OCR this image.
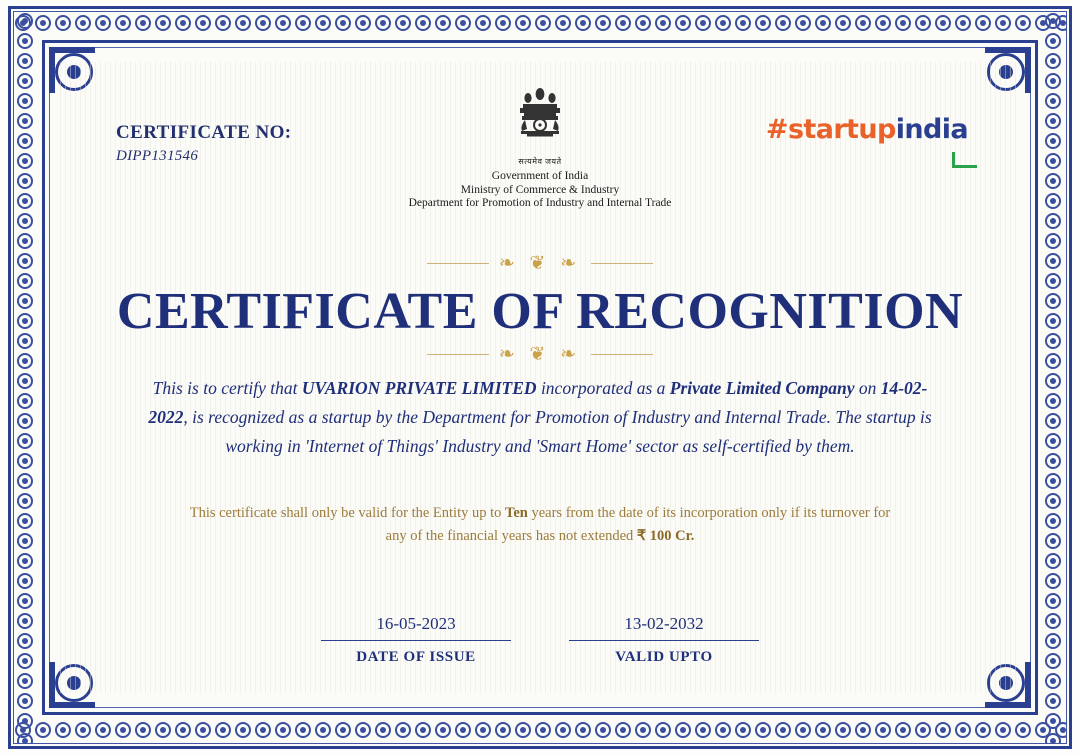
CERTIFICATE NO:
DIPP131546	सत्यमेव जयते
Government of India
Ministry of Commerce & Industry
Department for Promotion of Industry and Internal Trade
#startupindia
❧ ❦ ❧
CERTIFICATE OF RECOGNITION
❧ ❦ ❧
This is to certify that UVARION PRIVATE LIMITED incorporated as a Private Limited Company on 14-02-2022, is recognized as a startup by the Department for Promotion of Industry and Internal Trade. The startup is working in 'Internet of Things' Industry and 'Smart Home' sector as self-certified by them.
This certificate shall only be valid for the Entity up to Ten years from the date of its incorporation only if its turnover for any of the financial years has not extended ₹ 100 Cr.
16-05-2023
DATE OF ISSUE
13-02-2032
VALID UPTO
